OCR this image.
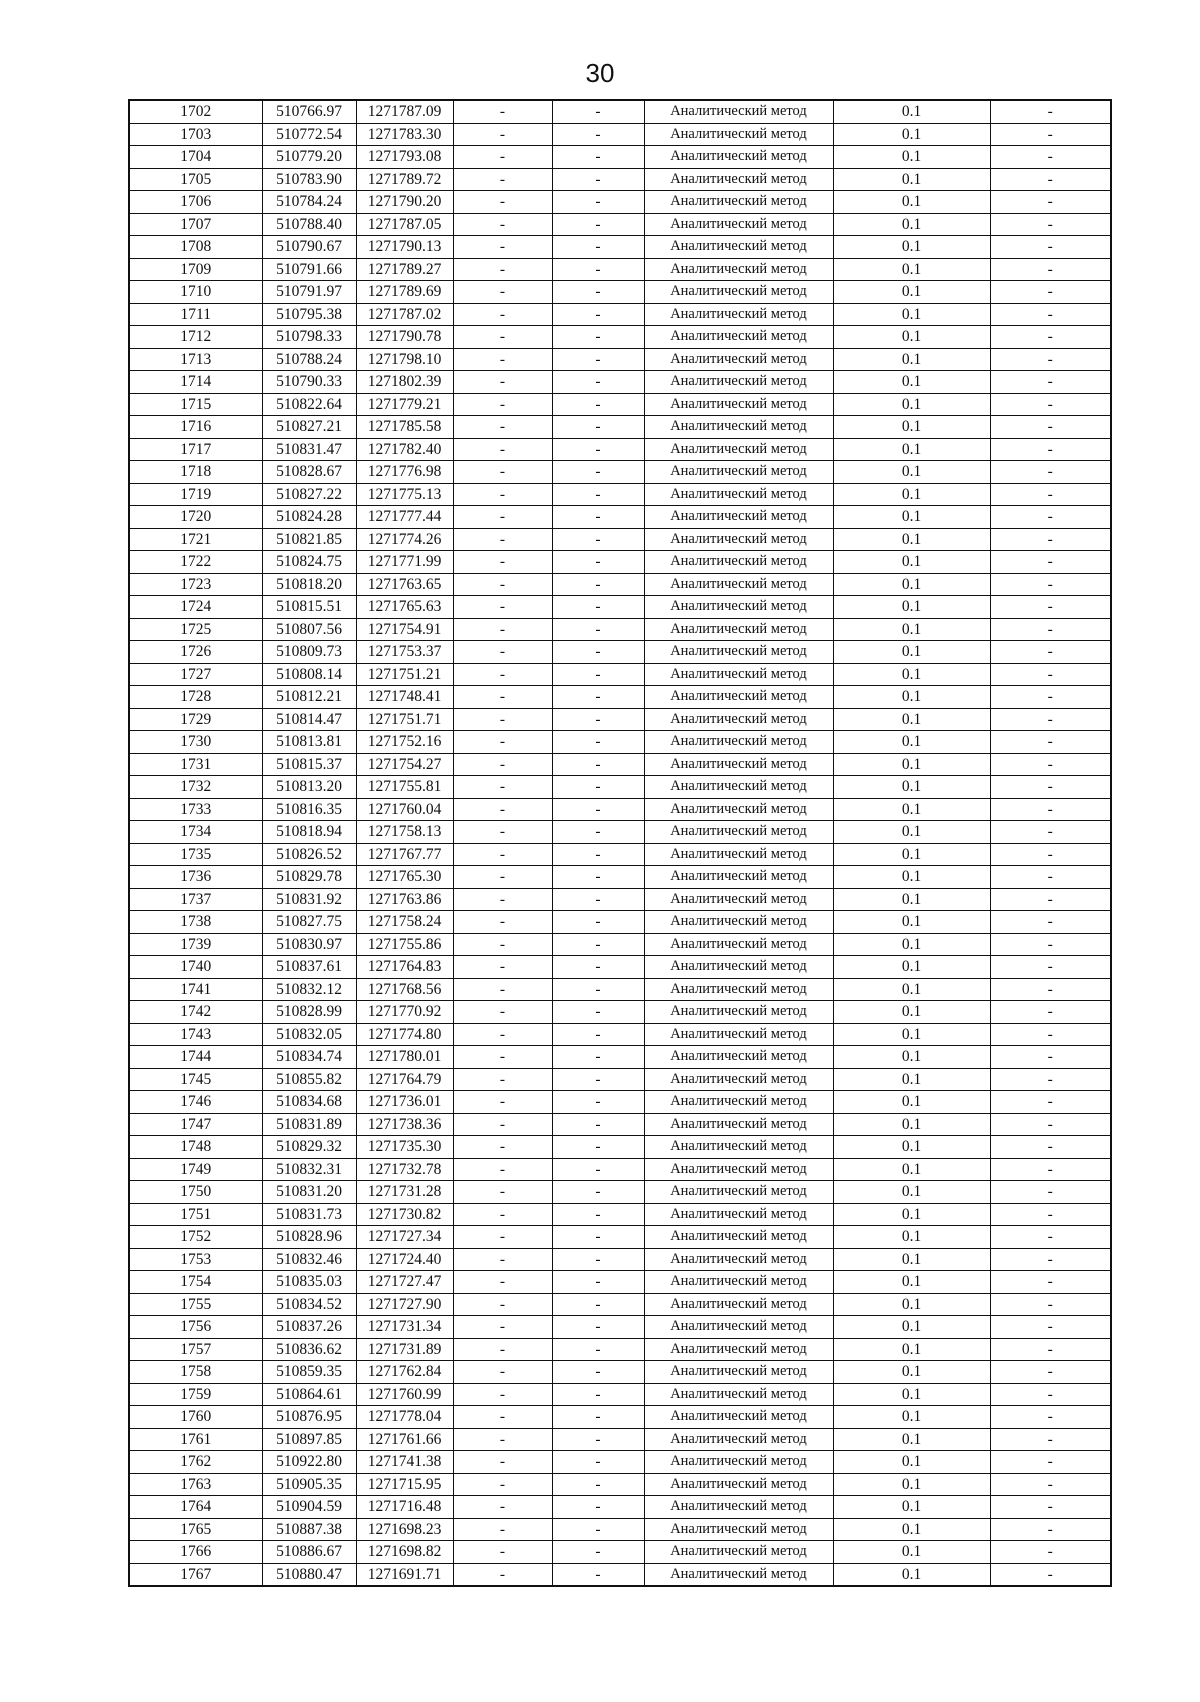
30
1702	510766.97	1271787.09	-	-	Аналитический метод	0.1	-
1703	510772.54	1271783.30	-	-	Аналитический метод	0.1	-
1704	510779.20	1271793.08	-	-	Аналитический метод	0.1	-
1705	510783.90	1271789.72	-	-	Аналитический метод	0.1	-
1706	510784.24	1271790.20	-	-	Аналитический метод	0.1	-
1707	510788.40	1271787.05	-	-	Аналитический метод	0.1	-
1708	510790.67	1271790.13	-	-	Аналитический метод	0.1	-
1709	510791.66	1271789.27	-	-	Аналитический метод	0.1	-
1710	510791.97	1271789.69	-	-	Аналитический метод	0.1	-
1711	510795.38	1271787.02	-	-	Аналитический метод	0.1	-
1712	510798.33	1271790.78	-	-	Аналитический метод	0.1	-
1713	510788.24	1271798.10	-	-	Аналитический метод	0.1	-
1714	510790.33	1271802.39	-	-	Аналитический метод	0.1	-
1715	510822.64	1271779.21	-	-	Аналитический метод	0.1	-
1716	510827.21	1271785.58	-	-	Аналитический метод	0.1	-
1717	510831.47	1271782.40	-	-	Аналитический метод	0.1	-
1718	510828.67	1271776.98	-	-	Аналитический метод	0.1	-
1719	510827.22	1271775.13	-	-	Аналитический метод	0.1	-
1720	510824.28	1271777.44	-	-	Аналитический метод	0.1	-
1721	510821.85	1271774.26	-	-	Аналитический метод	0.1	-
1722	510824.75	1271771.99	-	-	Аналитический метод	0.1	-
1723	510818.20	1271763.65	-	-	Аналитический метод	0.1	-
1724	510815.51	1271765.63	-	-	Аналитический метод	0.1	-
1725	510807.56	1271754.91	-	-	Аналитический метод	0.1	-
1726	510809.73	1271753.37	-	-	Аналитический метод	0.1	-
1727	510808.14	1271751.21	-	-	Аналитический метод	0.1	-
1728	510812.21	1271748.41	-	-	Аналитический метод	0.1	-
1729	510814.47	1271751.71	-	-	Аналитический метод	0.1	-
1730	510813.81	1271752.16	-	-	Аналитический метод	0.1	-
1731	510815.37	1271754.27	-	-	Аналитический метод	0.1	-
1732	510813.20	1271755.81	-	-	Аналитический метод	0.1	-
1733	510816.35	1271760.04	-	-	Аналитический метод	0.1	-
1734	510818.94	1271758.13	-	-	Аналитический метод	0.1	-
1735	510826.52	1271767.77	-	-	Аналитический метод	0.1	-
1736	510829.78	1271765.30	-	-	Аналитический метод	0.1	-
1737	510831.92	1271763.86	-	-	Аналитический метод	0.1	-
1738	510827.75	1271758.24	-	-	Аналитический метод	0.1	-
1739	510830.97	1271755.86	-	-	Аналитический метод	0.1	-
1740	510837.61	1271764.83	-	-	Аналитический метод	0.1	-
1741	510832.12	1271768.56	-	-	Аналитический метод	0.1	-
1742	510828.99	1271770.92	-	-	Аналитический метод	0.1	-
1743	510832.05	1271774.80	-	-	Аналитический метод	0.1	-
1744	510834.74	1271780.01	-	-	Аналитический метод	0.1	-
1745	510855.82	1271764.79	-	-	Аналитический метод	0.1	-
1746	510834.68	1271736.01	-	-	Аналитический метод	0.1	-
1747	510831.89	1271738.36	-	-	Аналитический метод	0.1	-
1748	510829.32	1271735.30	-	-	Аналитический метод	0.1	-
1749	510832.31	1271732.78	-	-	Аналитический метод	0.1	-
1750	510831.20	1271731.28	-	-	Аналитический метод	0.1	-
1751	510831.73	1271730.82	-	-	Аналитический метод	0.1	-
1752	510828.96	1271727.34	-	-	Аналитический метод	0.1	-
1753	510832.46	1271724.40	-	-	Аналитический метод	0.1	-
1754	510835.03	1271727.47	-	-	Аналитический метод	0.1	-
1755	510834.52	1271727.90	-	-	Аналитический метод	0.1	-
1756	510837.26	1271731.34	-	-	Аналитический метод	0.1	-
1757	510836.62	1271731.89	-	-	Аналитический метод	0.1	-
1758	510859.35	1271762.84	-	-	Аналитический метод	0.1	-
1759	510864.61	1271760.99	-	-	Аналитический метод	0.1	-
1760	510876.95	1271778.04	-	-	Аналитический метод	0.1	-
1761	510897.85	1271761.66	-	-	Аналитический метод	0.1	-
1762	510922.80	1271741.38	-	-	Аналитический метод	0.1	-
1763	510905.35	1271715.95	-	-	Аналитический метод	0.1	-
1764	510904.59	1271716.48	-	-	Аналитический метод	0.1	-
1765	510887.38	1271698.23	-	-	Аналитический метод	0.1	-
1766	510886.67	1271698.82	-	-	Аналитический метод	0.1	-
1767	510880.47	1271691.71	-	-	Аналитический метод	0.1	-
